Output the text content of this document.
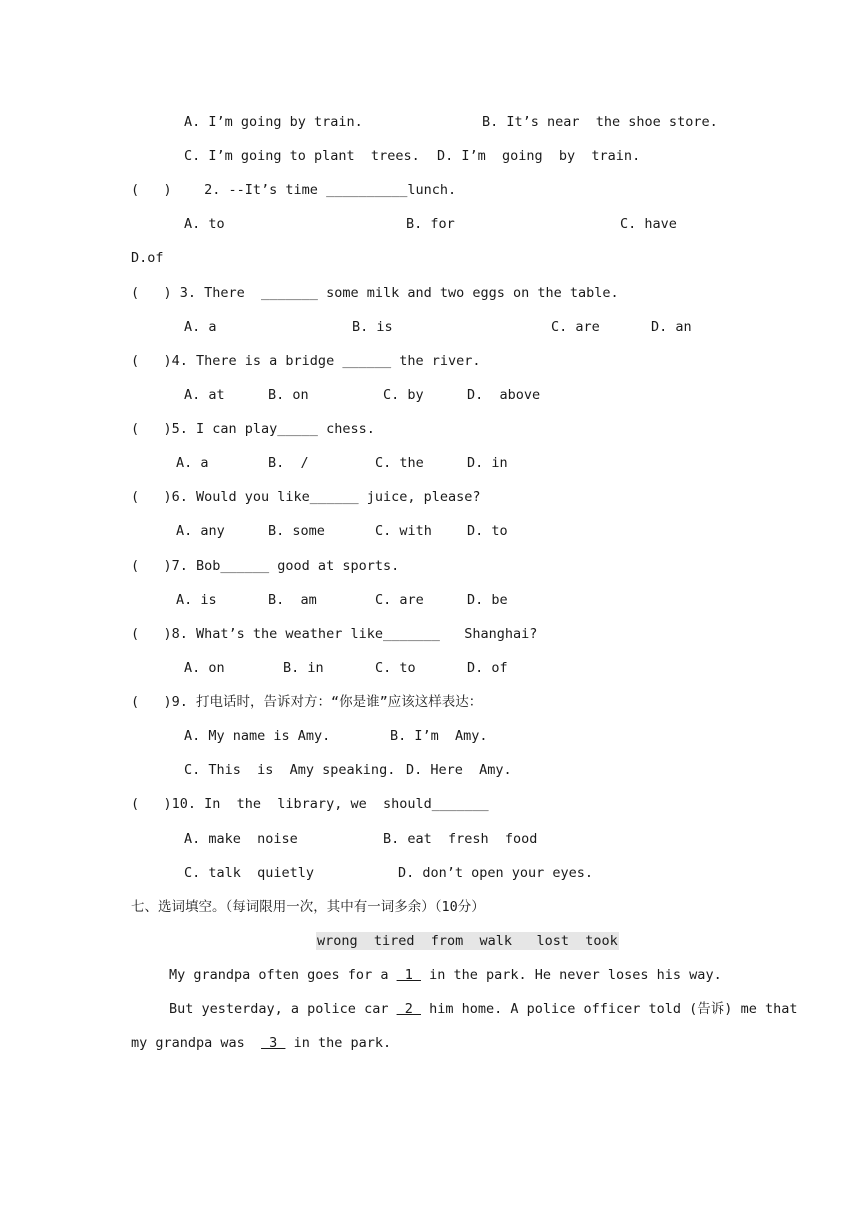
A. I’m going by train.	B. It’s near  the shoe store.
C. I’m going to plant  trees. D. I’m  going  by  train.
(   )    2. --It’s time __________lunch.
A. to	B. for	C. have
D.of
(   ) 3. There  _______ some milk and two eggs on the table.
A. a	B. is	C. are	D. an
(   )4. There is a bridge ______ the river.
A. at	B. on	C. by	D.  above
(   )5. I can play_____ chess.
A. a	B.  /	C. the	D. in
(   )6. Would you like______ juice, please?
A. any	B. some	C. with	D. to
(   )7. Bob______ good at sports.
A. is	B.  am	C. are	D. be
(   )8. What’s the weather like_______   Shanghai?
A. on	B. in	C. to	D. of
(   )9. 打电话时，告诉对方：“你是谁”应该这样表达：
A. My name is Amy.	B. I’m  Amy.
C. This  is  Amy speaking. D. Here  Amy.
(   )10. In  the  library, we  should_______
A. make  noise	B. eat  fresh  food
C. talk  quietly	D. don’t open your eyes.
七、选词填空。（每词限用一次，其中有一词多余）（10分）
wrong  tired  from  walk   lost  took
My grandpa often goes for a  1  in the park. He never loses his way.
But yesterday, a police car  2  him home. A police officer told (告诉) me that
my grandpa was   3  in the park.
